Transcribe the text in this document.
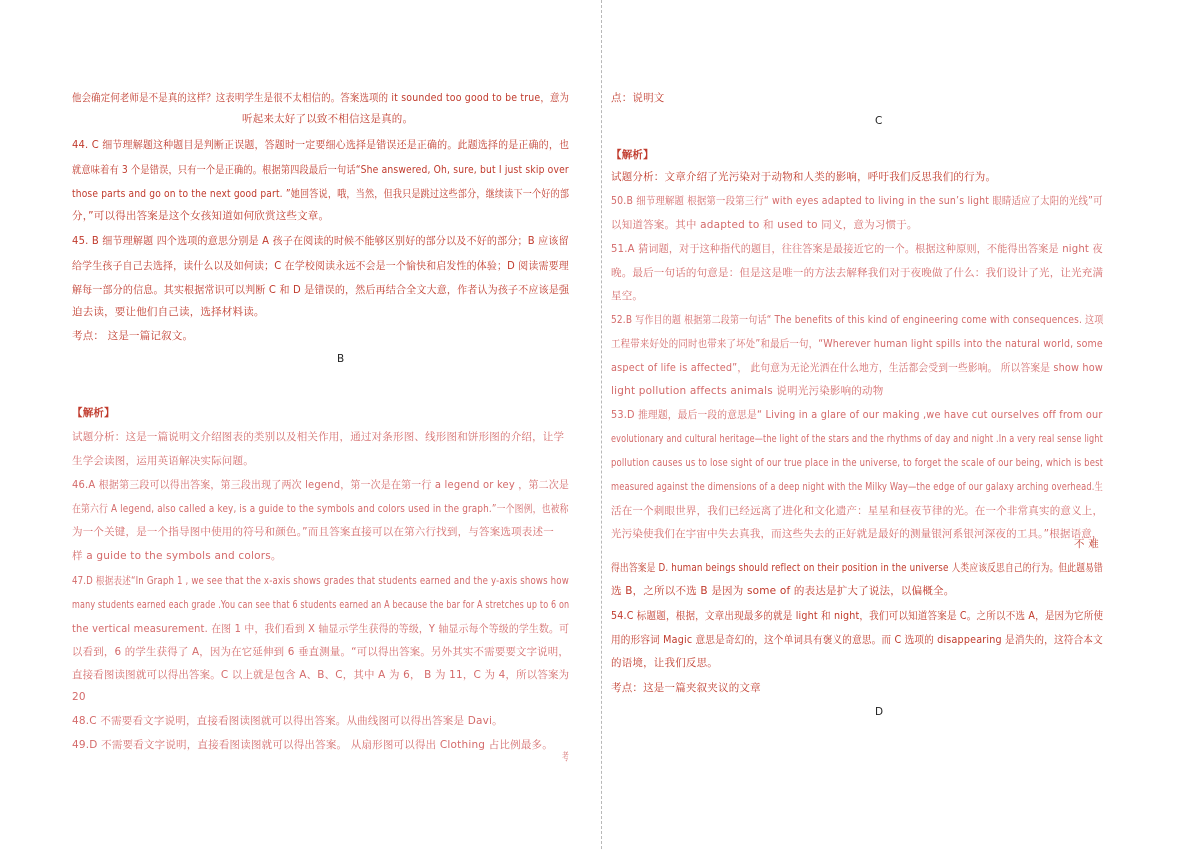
他会确定何老师是不是真的这样？这表明学生是很不太相信的。答案选项的 it sounded too good to be true，意为
听起来太好了以致不相信这是真的。
44. C 细节理解题这种题目是判断正误题，答题时一定要细心选择是错误还是正确的。此题选择的是正确的，也
就意味着有 3 个是错误，只有一个是正确的。根据第四段最后一句话“She answered, Oh, sure, but I just skip over
those parts and go on to the next good part. ”她回答说，哦，当然，但我只是跳过这些部分，继续读下一个好的部
分，”可以得出答案是这个女孩知道如何欣赏这些文章。
45. B 细节理解题 四个选项的意思分别是 A 孩子在阅读的时候不能够区别好的部分以及不好的部分；B 应该留
给学生孩子自己去选择，读什么以及如何读；C 在学校阅读永远不会是一个愉快和启发性的体验；D 阅读需要理
解每一部分的信息。其实根据常识可以判断 C 和 D 是错误的，然后再结合全文大意，作者认为孩子不应该是强
迫去读，要让他们自己读，选择材料读。
考点： 这是一篇记叙文。
B
【解析】
试题分析：这是一篇说明文介绍图表的类别以及相关作用，通过对条形图、线形图和饼形图的介绍，让学
生学会读图，运用英语解决实际问题。
46.A 根据第三段可以得出答案，第三段出现了两次 legend，第一次是在第一行 a legend or key ，第二次是
在第六行 A legend, also called a key, is a guide to the symbols and colors used in the graph.”一个图例，也被称
为一个关键，是一个指导图中使用的符号和颜色。”而且答案直接可以在第六行找到，与答案选项表述一
样 a guide to the symbols and colors。
47.D 根据表述“In Graph 1 , we see that the x-axis shows grades that students earned and the y-axis shows how
many students earned each grade .You can see that 6 students earned an A because the bar for A stretches up to 6 on
the vertical measurement. 在图 1 中，我们看到 X 轴显示学生获得的等级，Y 轴显示每个等级的学生数。可
以看到，6 的学生获得了 A，因为在它延伸到 6 垂直测量。“可以得出答案。另外其实不需要要文字说明，
直接看图读图就可以得出答案。C 以上就是包含 A、B、C，其中 A 为 6， B 为 11，C 为 4，所以答案为
20
48.C 不需要看文字说明，直接看图读图就可以得出答案。从曲线图可以得出答案是 Davi。
49.D 不需要看文字说明，直接看图读图就可以得出答案。 从扇形图可以得出 Clothing 占比例最多。
考
点：说明文
C
【解析】
试题分析：文章介绍了光污染对于动物和人类的影响，呼吁我们反思我们的行为。
50.B 细节理解题 根据第一段第三行“ with eyes adapted to living in the sun’s light 眼睛适应了太阳的光线”可
以知道答案。其中 adapted to 和 used to 同义，意为习惯于。
51.A 猜词题，对于这种指代的题目，往往答案是最接近它的一个。根据这种原则，不能得出答案是 night 夜
晚。最后一句话的句意是：但是这是唯一的方法去解释我们对于夜晚做了什么：我们设计了光，让光充满
星空。
52.B 写作目的题 根据第二段第一句话“ The benefits of this kind of engineering come with consequences. 这项
工程带来好处的同时也带来了坏处”和最后一句，“Wherever human light spills into the natural world, some
aspect of life is affected”， 此句意为无论光洒在什么地方，生活都会受到一些影响。 所以答案是 show how
light pollution affects animals 说明光污染影响的动物
53.D 推理题，最后一段的意思是“ Living in a glare of our making ,we have cut ourselves off from our
evolutionary and cultural heritage—the light of the stars and the rhythms of day and night .In a very real sense light
pollution causes us to lose sight of our true place in the universe, to forget the scale of our being, which is best
measured against the dimensions of a deep night with the Milky Way—the edge of our galaxy arching overhead.生
活在一个刺眼世界，我们已经远离了进化和文化遗产：星星和昼夜节律的光。在一个非常真实的意义上，
光污染使我们在宇宙中失去真我，而这些失去的正好就是最好的测量银河系银河深夜的工具。”根据语意，
不 难
得出答案是 D. human beings should reflect on their position in the universe 人类应该反思自己的行为。但此题易错
选 B，之所以不选 B 是因为 some of 的表达是扩大了说法，以偏概全。
54.C 标题题，根据，文章出现最多的就是 light 和 night，我们可以知道答案是 C。之所以不选 A，是因为它所使
用的形容词 Magic 意思是奇幻的，这个单词具有褒义的意思。而 C 选项的 disappearing 是消失的，这符合本文
的语境，让我们反思。
考点：这是一篇夹叙夹议的文章
D
